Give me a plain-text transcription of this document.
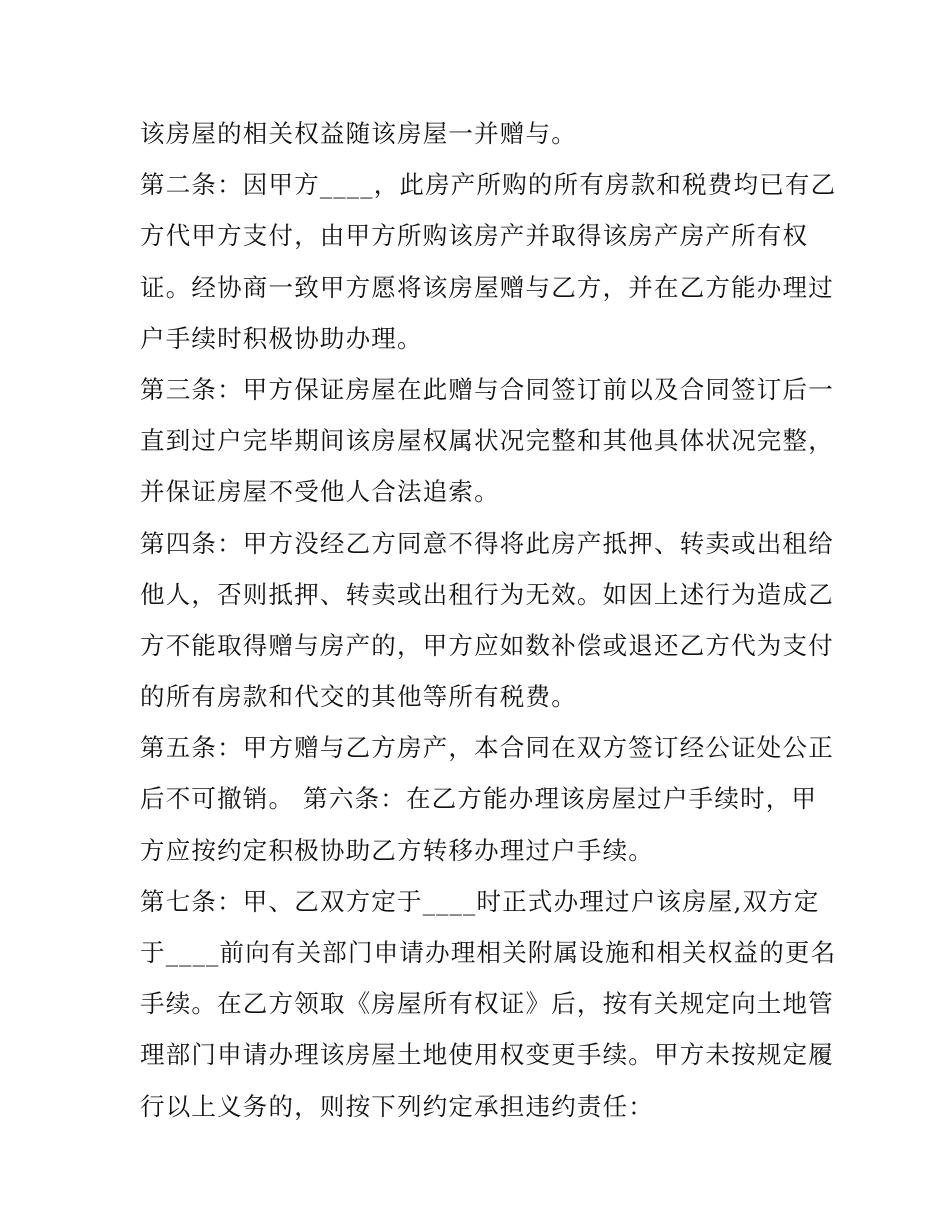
该房屋的相关权益随该房屋一并赠与。
第二条：因甲方____，此房产所购的所有房款和税费均已有乙
方代甲方支付，由甲方所购该房产并取得该房产房产所有权
证。经协商一致甲方愿将该房屋赠与乙方，并在乙方能办理过
户手续时积极协助办理。
第三条：甲方保证房屋在此赠与合同签订前以及合同签订后一
直到过户完毕期间该房屋权属状况完整和其他具体状况完整，
并保证房屋不受他人合法追索。
第四条：甲方没经乙方同意不得将此房产抵押、转卖或出租给
他人，否则抵押、转卖或出租行为无效。如因上述行为造成乙
方不能取得赠与房产的，甲方应如数补偿或退还乙方代为支付
的所有房款和代交的其他等所有税费。
第五条：甲方赠与乙方房产，本合同在双方签订经公证处公正
后不可撤销。 第六条：在乙方能办理该房屋过户手续时，甲
方应按约定积极协助乙方转移办理过户手续。
第七条：甲、乙双方定于____时正式办理过户该房屋,双方定
于____前向有关部门申请办理相关附属设施和相关权益的更名
手续。在乙方领取《房屋所有权证》后，按有关规定向土地管
理部门申请办理该房屋土地使用权变更手续。甲方未按规定履
行以上义务的，则按下列约定承担违约责任：
